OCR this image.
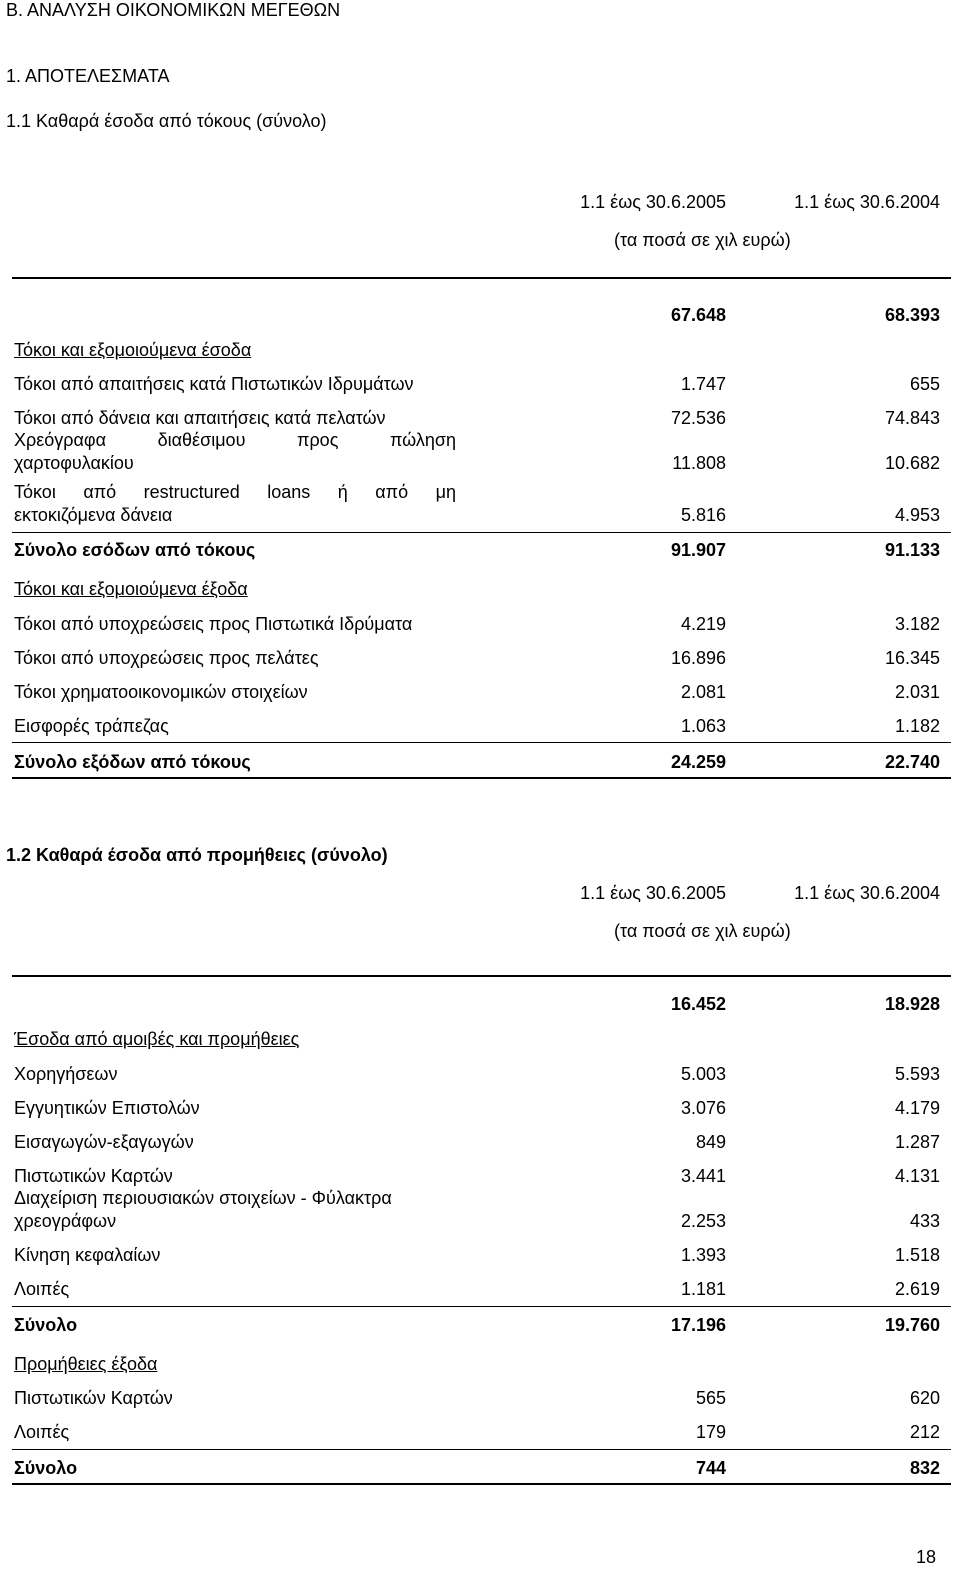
Β. ΑΝΑΛΥΣΗ ΟΙΚΟΝΟΜΙΚΩΝ ΜΕΓΕΘΩΝ
1. ΑΠΟΤΕΛΕΣΜΑΤΑ
1.1 Καθαρά έσοδα από τόκους (σύνολο)
1.1 έως 30.6.2005	1.1 έως 30.6.2004
(τα ποσά σε χιλ ευρώ)
67.648	68.393
Τόκοι και εξομοιούμενα έσοδα
Τόκοι από απαιτήσεις κατά Πιστωτικών Ιδρυμάτων	1.747	655
Τόκοι από δάνεια και απαιτήσεις κατά πελατών	72.536	74.843
Χρεόγραφα διαθέσιμου προς πώληση
χαρτοφυλακίου	11.808	10.682
Τόκοι από restructured loans ή από μη
εκτοκιζόμενα δάνεια	5.816	4.953
Σύνολο εσόδων από τόκους	91.907	91.133
Τόκοι και εξομοιούμενα έξοδα
Τόκοι από υποχρεώσεις προς Πιστωτικά Ιδρύματα	4.219	3.182
Τόκοι από υποχρεώσεις προς πελάτες	16.896	16.345
Τόκοι χρηματοοικονομικών στοιχείων	2.081	2.031
Εισφορές τράπεζας	1.063	1.182
Σύνολο εξόδων από τόκους	24.259	22.740
1.2 Καθαρά έσοδα από προμήθειες (σύνολο)
1.1 έως 30.6.2005	1.1 έως 30.6.2004
(τα ποσά σε χιλ ευρώ)
16.452	18.928
Έσοδα από αμοιβές και προμήθειες
Χορηγήσεων	5.003	5.593
Εγγυητικών Επιστολών	3.076	4.179
Εισαγωγών-εξαγωγών	849	1.287
Πιστωτικών Καρτών	3.441	4.131
Διαχείριση περιουσιακών στοιχείων - Φύλακτρα
χρεογράφων	2.253	433
Κίνηση κεφαλαίων	1.393	1.518
Λοιπές	1.181	2.619
Σύνολο	17.196	19.760
Προμήθειες έξοδα
Πιστωτικών Καρτών	565	620
Λοιπές	179	212
Σύνολο	744	832
18
